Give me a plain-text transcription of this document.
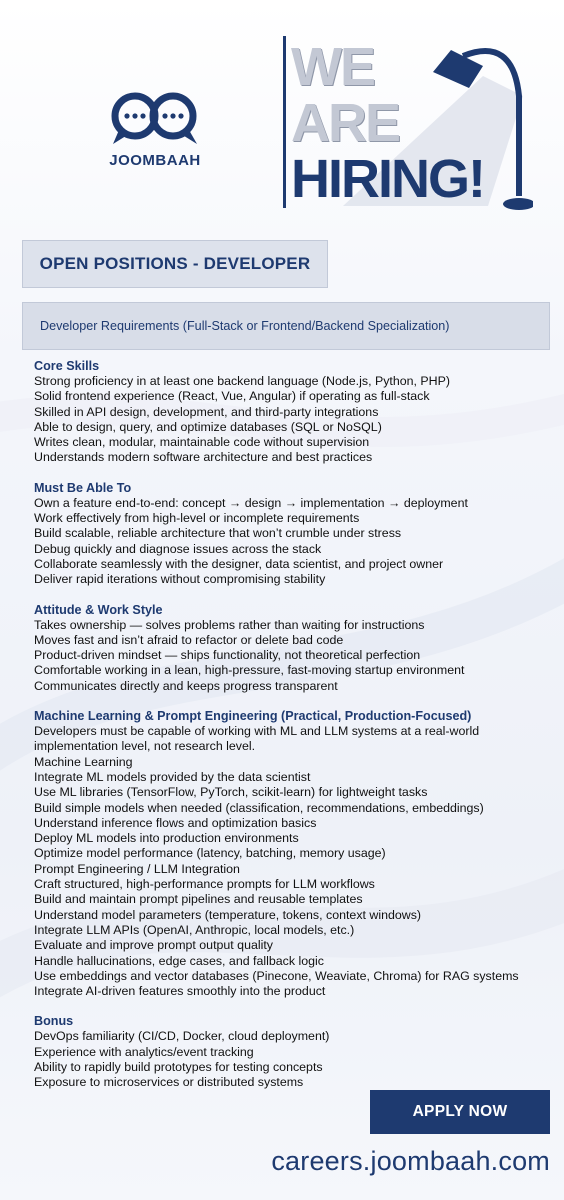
JOOMBAAH
WE
ARE
HIRING!
OPEN POSITIONS - DEVELOPER
Developer Requirements (Full-Stack or Frontend/Backend Specialization)
Core Skills
Strong proficiency in at least one backend language (Node.js, Python, PHP)
Solid frontend experience (React, Vue, Angular) if operating as full-stack
Skilled in API design, development, and third-party integrations
Able to design, query, and optimize databases (SQL or NoSQL)
Writes clean, modular, maintainable code without supervision
Understands modern software architecture and best practices
Must Be Able To
Own a feature end-to-end: concept → design → implementation → deployment
Work effectively from high-level or incomplete requirements
Build scalable, reliable architecture that won’t crumble under stress
Debug quickly and diagnose issues across the stack
Collaborate seamlessly with the designer, data scientist, and project owner
Deliver rapid iterations without compromising stability
Attitude & Work Style
Takes ownership — solves problems rather than waiting for instructions
Moves fast and isn’t afraid to refactor or delete bad code
Product-driven mindset — ships functionality, not theoretical perfection
Comfortable working in a lean, high-pressure, fast-moving startup environment
Communicates directly and keeps progress transparent
Machine Learning & Prompt Engineering (Practical, Production-Focused)
Developers must be capable of working with ML and LLM systems at a real-world implementation level, not research level.
Machine Learning
Integrate ML models provided by the data scientist
Use ML libraries (TensorFlow, PyTorch, scikit-learn) for lightweight tasks
Build simple models when needed (classification, recommendations, embeddings)
Understand inference flows and optimization basics
Deploy ML models into production environments
Optimize model performance (latency, batching, memory usage)
Prompt Engineering / LLM Integration
Craft structured, high-performance prompts for LLM workflows
Build and maintain prompt pipelines and reusable templates
Understand model parameters (temperature, tokens, context windows)
Integrate LLM APIs (OpenAI, Anthropic, local models, etc.)
Evaluate and improve prompt output quality
Handle hallucinations, edge cases, and fallback logic
Use embeddings and vector databases (Pinecone, Weaviate, Chroma) for RAG systems
Integrate AI-driven features smoothly into the product
Bonus
DevOps familiarity (CI/CD, Docker, cloud deployment)
Experience with analytics/event tracking
Ability to rapidly build prototypes for testing concepts
Exposure to microservices or distributed systems
APPLY NOW
careers.joombaah.com
